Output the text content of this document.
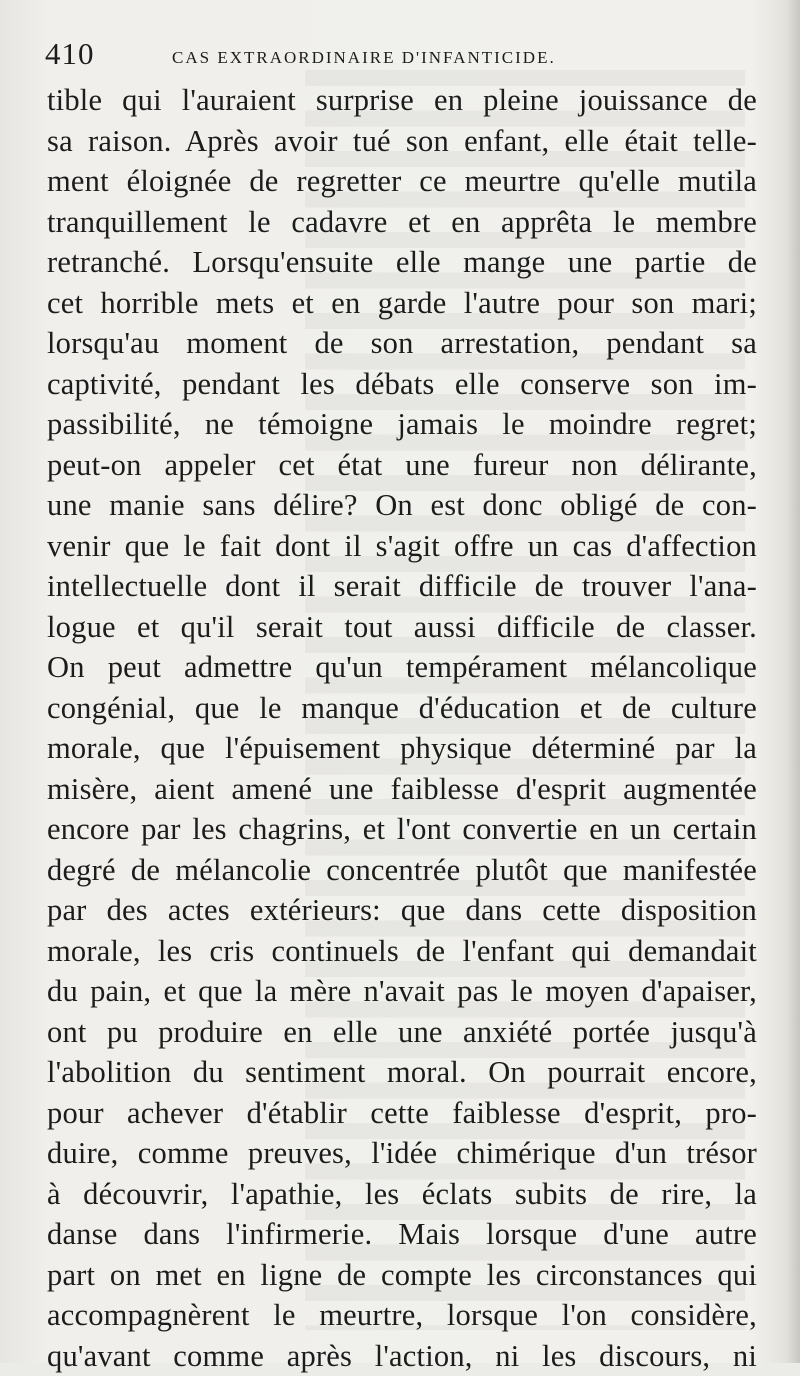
410	CAS EXTRAORDINAIRE D'INFANTICIDE.
tible qui l'auraient surprise en pleine jouissance de
sa raison. Après avoir tué son enfant, elle était telle-
ment éloignée de regretter ce meurtre qu'elle mutila
tranquillement le cadavre et en apprêta le membre
retranché. Lorsqu'ensuite elle mange une partie de
cet horrible mets et en garde l'autre pour son mari;
lorsqu'au moment de son arrestation, pendant sa
captivité, pendant les débats elle conserve son im-
passibilité, ne témoigne jamais le moindre regret;
peut-on appeler cet état une fureur non délirante,
une manie sans délire? On est donc obligé de con-
venir que le fait dont il s'agit offre un cas d'affection
intellectuelle dont il serait difficile de trouver l'ana-
logue et qu'il serait tout aussi difficile de classer.
On peut admettre qu'un tempérament mélancolique
congénial, que le manque d'éducation et de culture
morale, que l'épuisement physique déterminé par la
misère, aient amené une faiblesse d'esprit augmentée
encore par les chagrins, et l'ont convertie en un certain
degré de mélancolie concentrée plutôt que manifestée
par des actes extérieurs: que dans cette disposition
morale, les cris continuels de l'enfant qui demandait
du pain, et que la mère n'avait pas le moyen d'apaiser,
ont pu produire en elle une anxiété portée jusqu'à
l'abolition du sentiment moral. On pourrait encore,
pour achever d'établir cette faiblesse d'esprit, pro-
duire, comme preuves, l'idée chimérique d'un trésor
à découvrir, l'apathie, les éclats subits de rire, la
danse dans l'infirmerie. Mais lorsque d'une autre
part on met en ligne de compte les circonstances qui
accompagnèrent le meurtre, lorsque l'on considère,
qu'avant comme après l'action, ni les discours, ni
